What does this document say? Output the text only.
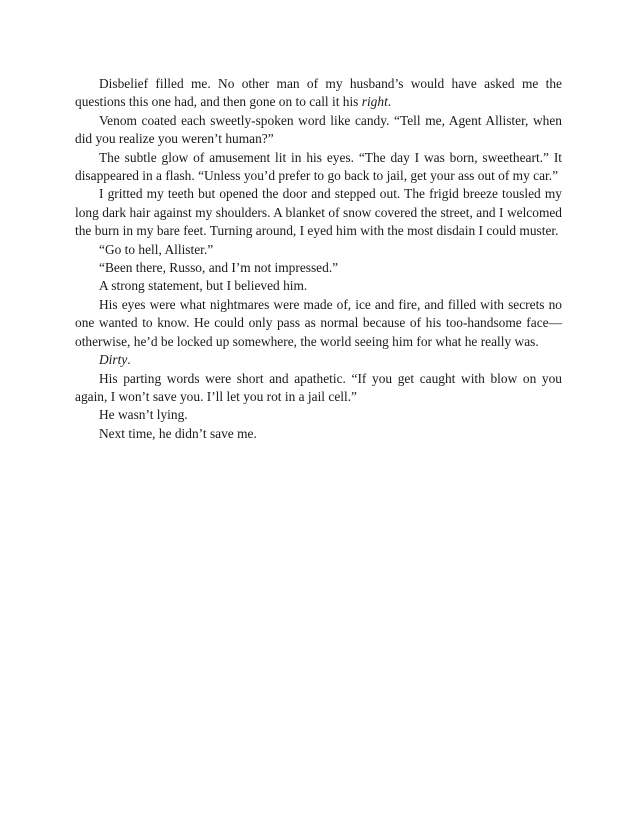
Disbelief filled me. No other man of my husband’s would have asked me the questions this one had, and then gone on to call it his right.

Venom coated each sweetly-spoken word like candy. “Tell me, Agent Allister, when did you realize you weren’t human?”

The subtle glow of amusement lit in his eyes. “The day I was born, sweetheart.” It disappeared in a flash. “Unless you’d prefer to go back to jail, get your ass out of my car.”

I gritted my teeth but opened the door and stepped out. The frigid breeze tousled my long dark hair against my shoulders. A blanket of snow covered the street, and I welcomed the burn in my bare feet. Turning around, I eyed him with the most disdain I could muster.

“Go to hell, Allister.”

“Been there, Russo, and I’m not impressed.”

A strong statement, but I believed him.

His eyes were what nightmares were made of, ice and fire, and filled with secrets no one wanted to know. He could only pass as normal because of his too-handsome face—otherwise, he’d be locked up somewhere, the world seeing him for what he really was.

Dirty.

His parting words were short and apathetic. “If you get caught with blow on you again, I won’t save you. I’ll let you rot in a jail cell.”

He wasn’t lying.

Next time, he didn’t save me.
